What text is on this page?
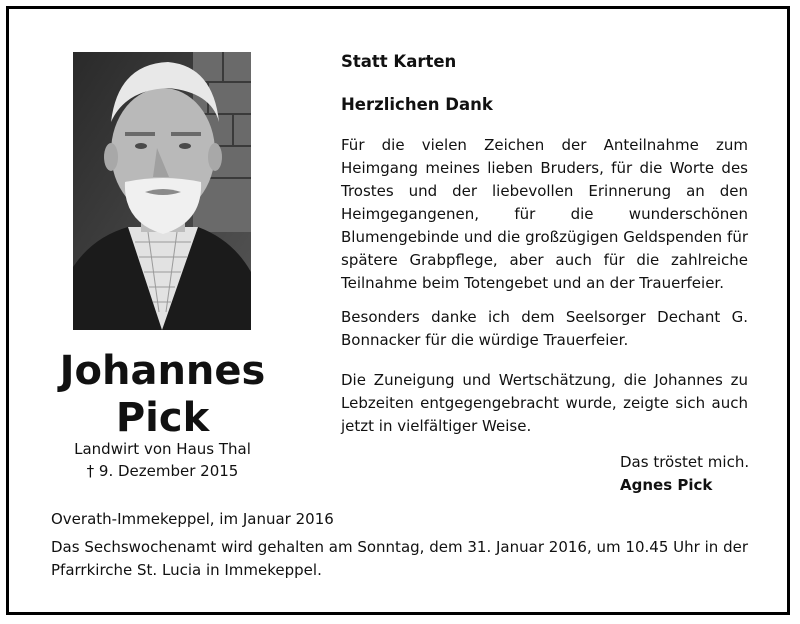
Johannes
Pick
Landwirt von Haus Thal
† 9. Dezember 2015
Statt Karten
Herzlichen Dank
Für die vielen Zeichen der Anteilnahme zum Heimgang meines lieben Bruders, für die Worte des Trostes und der liebevollen Erinnerung an den Heimgegangenen, für die wunderschönen Blumengebinde und die großzügigen Geldspenden für spätere Grabpflege, aber auch für die zahlreiche Teilnahme beim Totengebet und an der Trauerfeier.
Besonders danke ich dem Seelsorger Dechant G. Bonnacker für die würdige Trauerfeier.
Die Zuneigung und Wertschätzung, die Johannes zu Lebzeiten entgegengebracht wurde, zeigte sich auch jetzt in vielfältiger Weise.
Das tröstet mich.
Agnes Pick
Overath-Immekeppel, im Januar 2016
Das Sechswochenamt wird gehalten am Sonntag, dem 31. Januar 2016, um 10.45 Uhr in der Pfarrkirche St. Lucia in Immekeppel.
